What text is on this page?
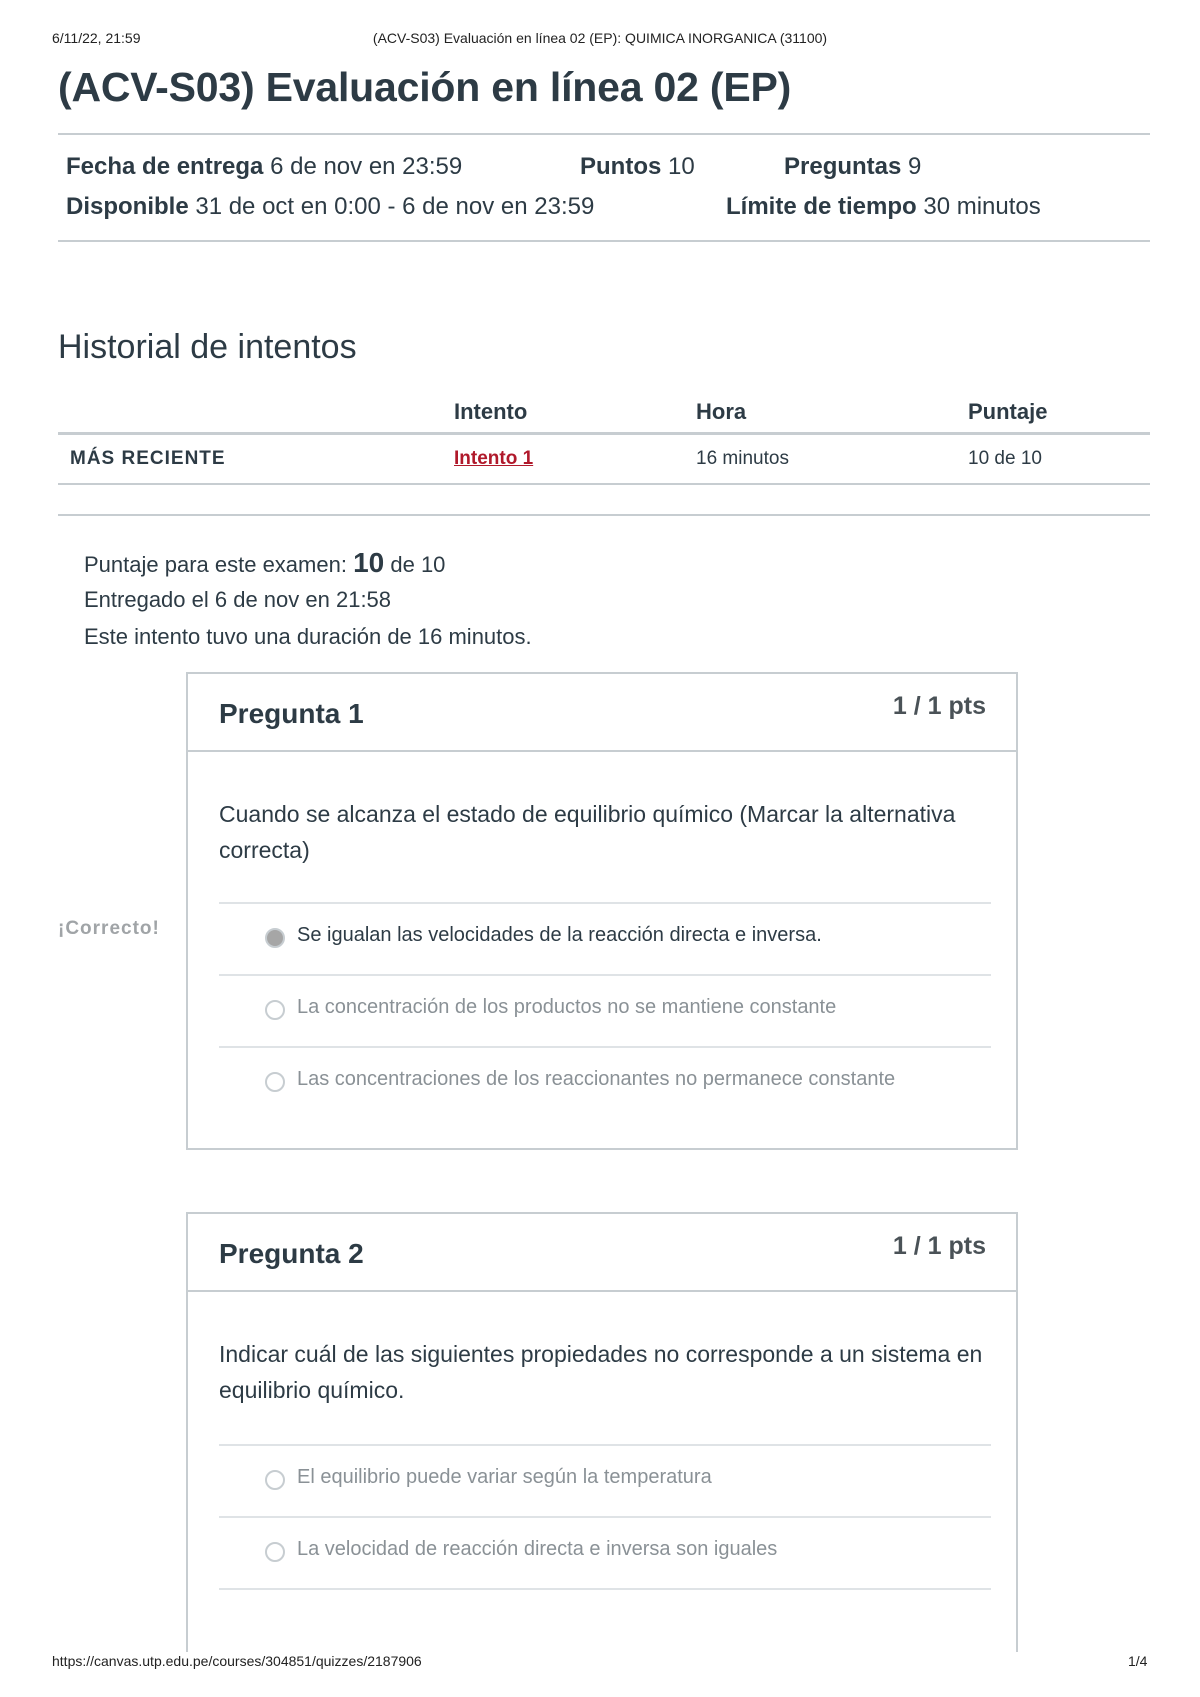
6/11/22, 21:59	(ACV-S03) Evaluación en línea 02 (EP): QUIMICA INORGANICA (31100)
(ACV-S03) Evaluación en línea 02 (EP)
Fecha de entrega 6 de nov en 23:59	Puntos 10	Preguntas 9
Disponible 31 de oct en 0:00 - 6 de nov en 23:59	Límite de tiempo 30 minutos
Historial de intentos
	Intento	Hora	Puntaje
MÁS RECIENTE	Intento 1	16 minutos	10 de 10
Puntaje para este examen: 10 de 10
Entregado el 6 de nov en 21:58
Este intento tuvo una duración de 16 minutos.
¡Correcto!
Pregunta 1	1 / 1 pts
Cuando se alcanza el estado de equilibrio químico (Marcar la alternativa correcta)
Se igualan las velocidades de la reacción directa e inversa.
La concentración de los productos no se mantiene constante
Las concentraciones de los reaccionantes no permanece constante
Pregunta 2	1 / 1 pts
Indicar cuál de las siguientes propiedades no corresponde a un sistema en equilibrio químico.
El equilibrio puede variar según la temperatura
La velocidad de reacción directa e inversa son iguales
https://canvas.utp.edu.pe/courses/304851/quizzes/2187906	1/4
